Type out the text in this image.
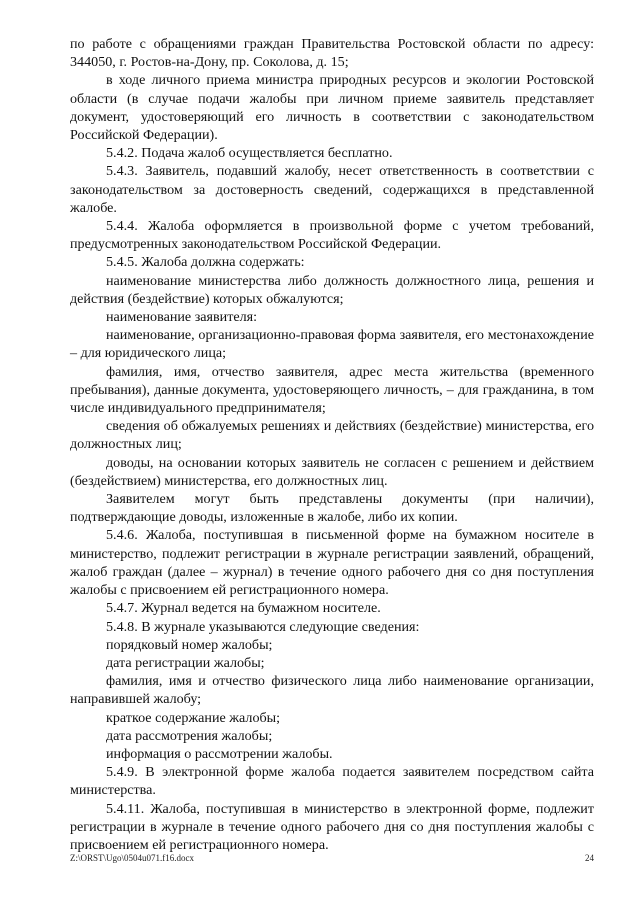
по работе с обращениями граждан Правительства Ростовской области по адресу: 344050, г. Ростов-на-Дону, пр. Соколова, д. 15;

в ходе личного приема министра природных ресурсов и экологии Ростовской области (в случае подачи жалобы при личном приеме заявитель представляет документ, удостоверяющий его личность в соответствии с законодательством Российской Федерации).

5.4.2. Подача жалоб осуществляется бесплатно.

5.4.3. Заявитель, подавший жалобу, несет ответственность в соответствии с законодательством за достоверность сведений, содержащихся в представленной жалобе.

5.4.4. Жалоба оформляется в произвольной форме с учетом требований, предусмотренных законодательством Российской Федерации.

5.4.5. Жалоба должна содержать:

наименование министерства либо должность должностного лица, решения и действия (бездействие) которых обжалуются;

наименование заявителя:

наименование, организационно-правовая форма заявителя, его местонахождение – для юридического лица;

фамилия, имя, отчество заявителя, адрес места жительства (временного пребывания), данные документа, удостоверяющего личность, – для гражданина, в том числе индивидуального предпринимателя;

сведения об обжалуемых решениях и действиях (бездействие) министерства, его должностных лиц;

доводы, на основании которых заявитель не согласен с решением и действием (бездействием) министерства, его должностных лиц.

Заявителем могут быть представлены документы (при наличии), подтверждающие доводы, изложенные в жалобе, либо их копии.

5.4.6. Жалоба, поступившая в письменной форме на бумажном носителе в министерство, подлежит регистрации в журнале регистрации заявлений, обращений, жалоб граждан (далее – журнал) в течение одного рабочего дня со дня поступления жалобы с присвоением ей регистрационного номера.

5.4.7. Журнал ведется на бумажном носителе.

5.4.8. В журнале указываются следующие сведения:

порядковый номер жалобы;

дата регистрации жалобы;

фамилия, имя и отчество физического лица либо наименование организации, направившей жалобу;

краткое содержание жалобы;

дата рассмотрения жалобы;

информация о рассмотрении жалобы.

5.4.9. В электронной форме жалоба подается заявителем посредством сайта министерства.

5.4.11. Жалоба, поступившая в министерство в электронной форме, подлежит регистрации в журнале в течение одного рабочего дня со дня поступления жалобы с присвоением ей регистрационного номера.

Z:\ORST\Ugo\0504u071.f16.docx	24
